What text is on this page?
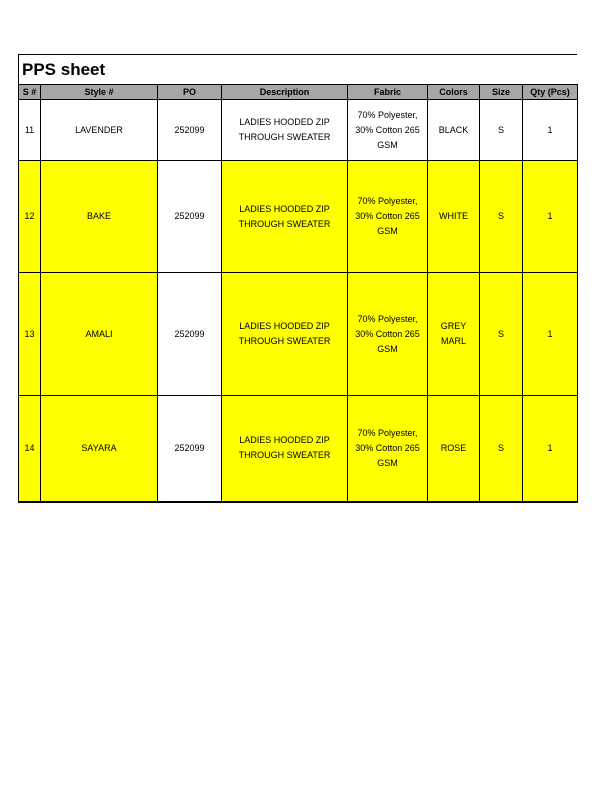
PPS sheet
S #	Style #	PO	Description	Fabric	Colors	Size	Qty (Pcs)
11	LAVENDER	252099	LADIES HOODED ZIP THROUGH SWEATER	70% Polyester, 30% Cotton 265 GSM	BLACK	S	1
12	BAKE	252099	LADIES HOODED ZIP THROUGH SWEATER	70% Polyester, 30% Cotton 265 GSM	WHITE	S	1
13	AMALI	252099	LADIES HOODED ZIP THROUGH SWEATER	70% Polyester, 30% Cotton 265 GSM	GREY MARL	S	1
14	SAYARA	252099	LADIES HOODED ZIP THROUGH SWEATER	70% Polyester, 30% Cotton 265 GSM	ROSE	S	1
